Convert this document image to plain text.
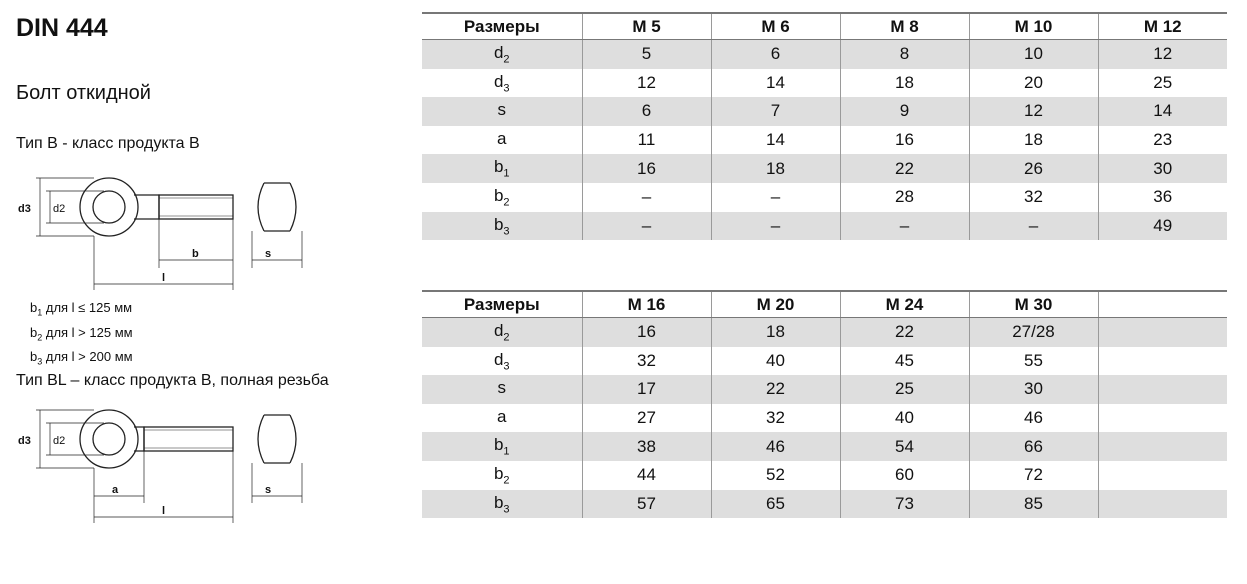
DIN 444
Болт откидной
Тип B - класс продукта B
d3 d2
b
l
s
$b_1$ для l ≤ 125 мм
$b_2$ для l > 125 мм
$b_3$ для l > 200 мм
Тип BL – класс продукта B, полная резьба
d3 d2
a
l
s
Размеры	M 5	M 6	M 8	M 10	M 12
$d_2$	5	6	8	10	12
$d_3$	12	14	18	20	25
s	6	7	9	12	14
a	11	14	16	18	23
$b_1$	16	18	22	26	30
$b_2$	–	–	28	32	36
$b_3$	–	–	–	–	49
Размеры	M 16	M 20	M 24	M 30	
$d_2$	16	18	22	27/28	
$d_3$	32	40	45	55	
s	17	22	25	30	
a	27	32	40	46	
$b_1$	38	46	54	66	
$b_2$	44	52	60	72	
$b_3$	57	65	73	85	
